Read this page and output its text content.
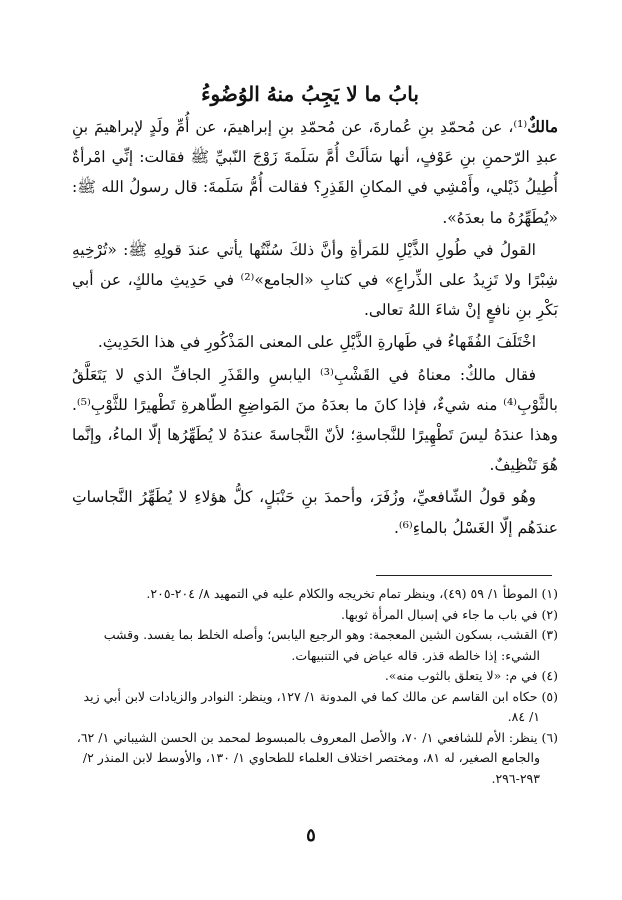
بابُ ما لا يَجِبُ منهُ الوُضُوءُ

مالكٌ⁽¹⁾، عن مُحمّدِ بنِ عُمارةَ، عن مُحمّدِ بنِ إبراهيمَ، عن أُمِّ ولَدٍ لإبراهيمَ بنِ عبدِ الرّحمنِ بنِ عَوْفٍ، أنها سَألَتْ أُمَّ سَلَمةَ زَوْجَ النّبيِّ ﷺ فقالت: إنِّي امْرأةٌ أُطِيلُ ذَيْلي، وأَمْشِي في المكانِ القَذِرِ؟ فقالت أُمُّ سَلَمةَ: قال رسولُ الله ﷺ: «يُطَهِّرُهُ ما بعدَهُ».

القولُ في طُولِ الذَّيْلِ للمَرأةِ وأنَّ ذلكَ سُنَّتُها يأتي عندَ قولِهِ ﷺ: «تُرْخِيهِ شِبْرًا ولا تَزِيدُ على الذِّراعِ» في كتابِ «الجامع»⁽²⁾ في حَدِيثِ مالكٍ، عن أبي بَكْرِ بنِ نافعٍ إنْ شاءَ اللهُ تعالى.

اخْتَلَفَ الفُقَهاءُ في طَهارةِ الذَّيْلِ على المعنى المَذْكُورِ في هذا الحَدِيثِ.

فقال مالكٌ: معناهُ في القَشْبِ⁽³⁾ اليابسِ والقَذَرِ الجافِّ الذي لا يَتَعَلَّقُ بالثَّوْبِ⁽⁴⁾ منه شيءٌ، فإذا كانَ ما بعدَهُ منَ المَواضِعِ الطّاهرةِ تَطْهيرًا للثَّوْبِ⁽⁵⁾. وهذا عندَهُ ليسَ تَطْهِيرًا للنَّجاسةِ؛ لأنّ النَّجاسةَ عندَهُ لا يُطَهِّرُها إلّا الماءُ، وإنَّما هُوَ تَنْظِيفٌ.

وهُو قولُ الشّافعيِّ، وزُفَرَ، وأحمدَ بنِ حَنْبَلٍ، كلُّ هؤلاءِ لا يُطَهِّرُ النَّجاساتِ عندَهُم إلّا الغَسْلُ بالماءِ⁽⁶⁾.

(١) الموطأ ١/ ٥٩ (٤٩)، وينظر تمام تخريجه والكلام عليه في التمهيد ٨/ ٢٠٤-٢٠٥.

(٢) في باب ما جاء في إسبال المرأة ثوبها.

(٣) القشب، بسكون الشين المعجمة: وهو الرجيع اليابس؛ وأصله الخلط بما يفسد. وقشب الشيء: إذا خالطه قذر. قاله عياض في التنبيهات.

(٤) في م: «لا يتعلق بالثوب منه».

(٥) حكاه ابن القاسم عن مالك كما في المدونة ١/ ١٢٧، وينظر: النوادر والزيادات لابن أبي زيد ١/ ٨٤.

(٦) ينظر: الأم للشافعي ١/ ٧٠، والأصل المعروف بالمبسوط لمحمد بن الحسن الشيباني ١/ ٦٢، والجامع الصغير، له ٨١، ومختصر اختلاف العلماء للطحاوي ١/ ١٣٠، والأوسط لابن المنذر ٢/ ٢٩٣-٢٩٦.

٥
